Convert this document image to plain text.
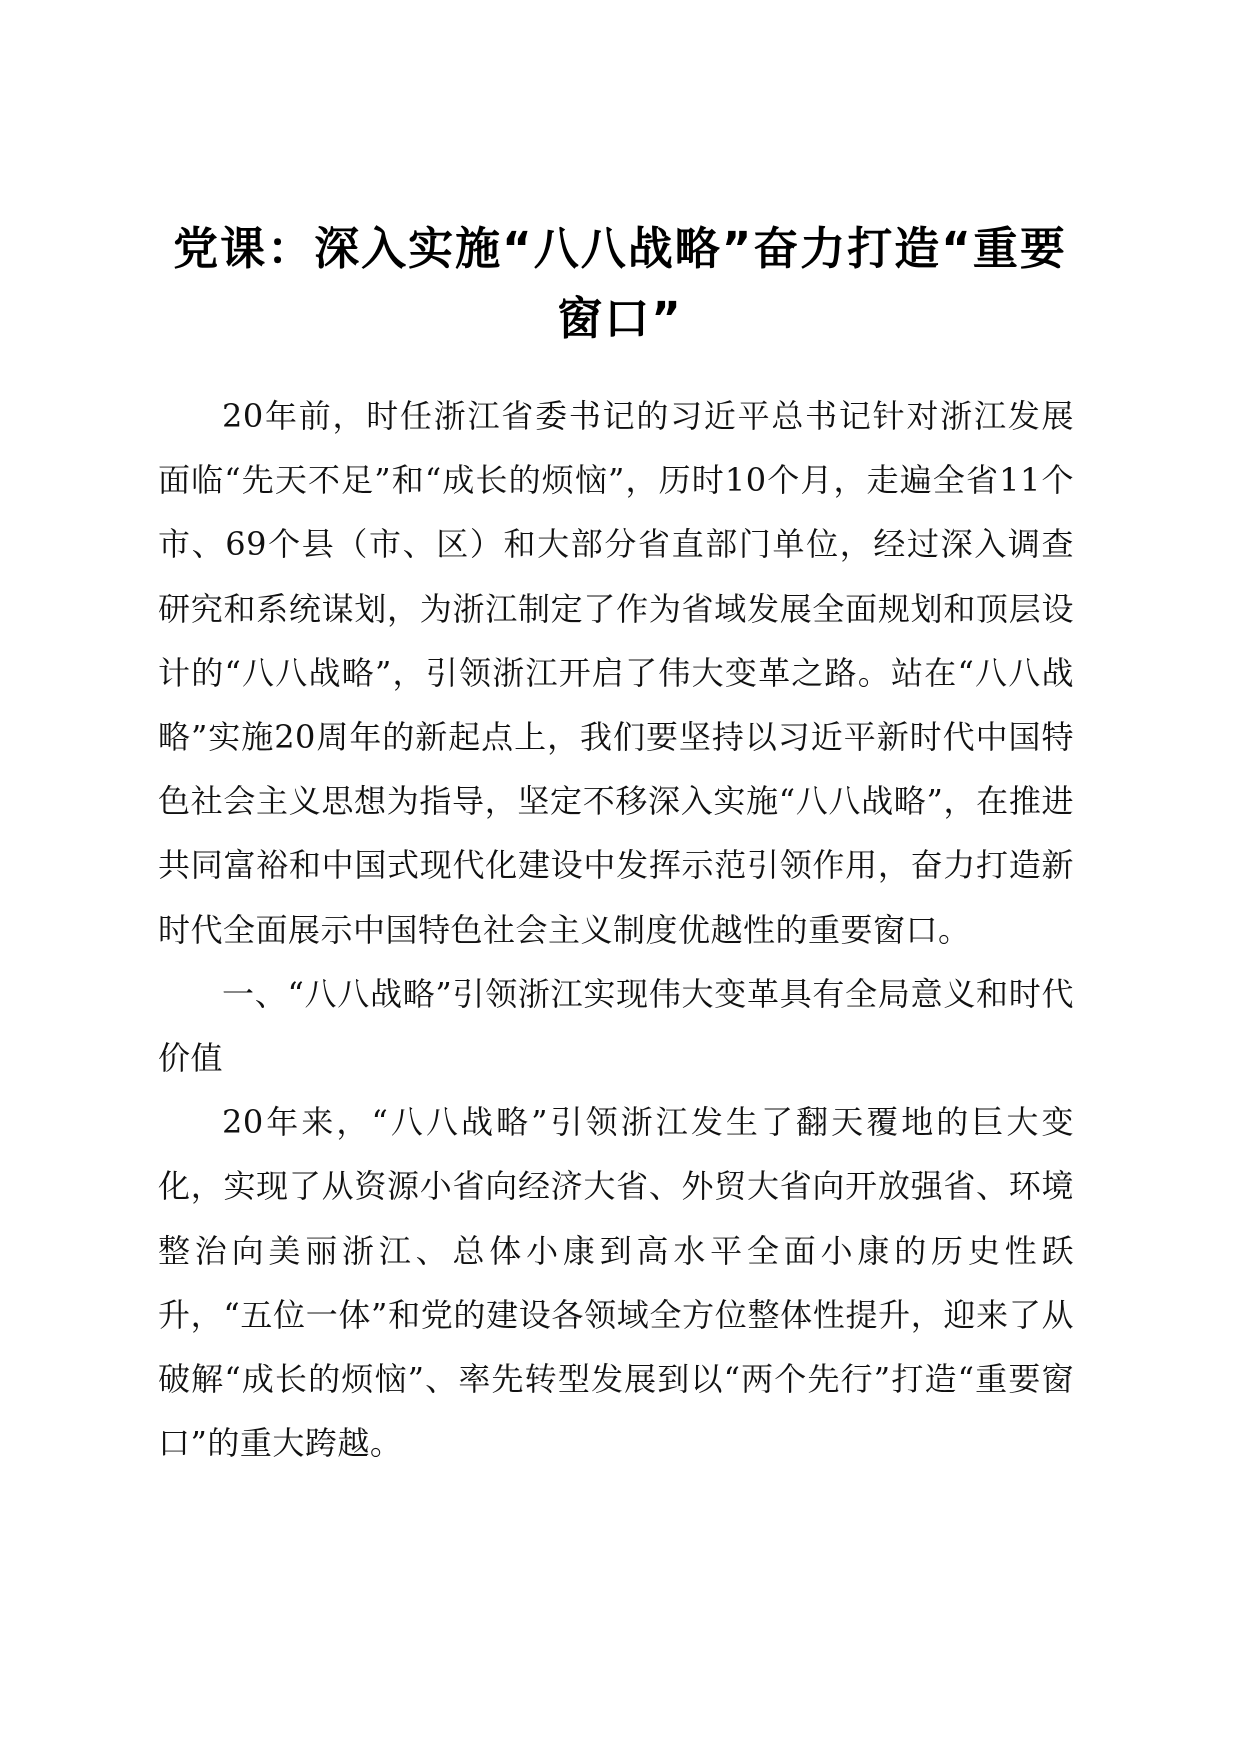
党课：深入实施“八八战略”奋力打造“重要
窗口”

20年前，时任浙江省委书记的习近平总书记针对浙江发展面临“先天不足”和“成长的烦恼”，历时10个月，走遍全省11个市、69个县（市、区）和大部分省直部门单位，经过深入调查研究和系统谋划，为浙江制定了作为省域发展全面规划和顶层设计的“八八战略”，引领浙江开启了伟大变革之路。站在“八八战略”实施20周年的新起点上，我们要坚持以习近平新时代中国特色社会主义思想为指导，坚定不移深入实施“八八战略”，在推进共同富裕和中国式现代化建设中发挥示范引领作用，奋力打造新时代全面展示中国特色社会主义制度优越性的重要窗口。

一、“八八战略”引领浙江实现伟大变革具有全局意义和时代价值

20年来，“八八战略”引领浙江发生了翻天覆地的巨大变化，实现了从资源小省向经济大省、外贸大省向开放强省、环境整治向美丽浙江、总体小康到高水平全面小康的历史性跃升，“五位一体”和党的建设各领域全方位整体性提升，迎来了从破解“成长的烦恼”、率先转型发展到以“两个先行”打造“重要窗口”的重大跨越。
